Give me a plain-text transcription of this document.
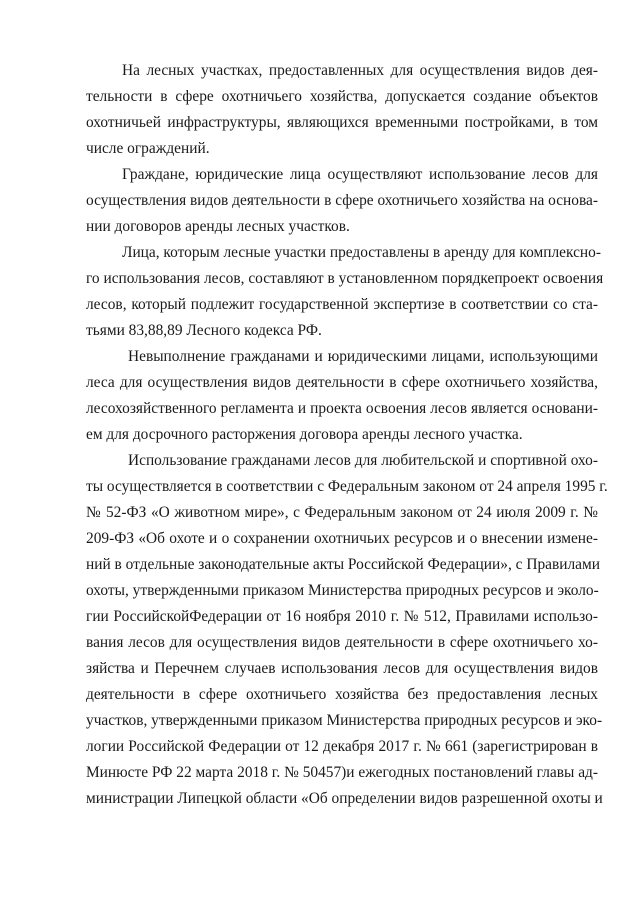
На лесных участках, предоставленных для осуществления видов дея-

тельности в сфере охотничьего хозяйства, допускается создание объектов

охотничьей инфраструктуры, являющихся временными постройками, в том

числе ограждений.

Граждане, юридические лица осуществляют использование лесов для

осуществления видов деятельности в сфере охотничьего хозяйства на основа-

нии договоров аренды лесных участков.

Лица, которым лесные участки предоставлены в аренду для комплексно-

го использования лесов, составляют в установленном порядкепроект освоения

лесов, который подлежит государственной экспертизе в соответствии со ста-

тьями 83,88,89 Лесного кодекса РФ.

Невыполнение гражданами и юридическими лицами, использующими

леса для осуществления видов деятельности в сфере охотничьего хозяйства,

лесохозяйственного регламента и проекта освоения лесов является основани-

ем для досрочного расторжения договора аренды лесного участка.

Использование гражданами лесов для любительской и спортивной охо-

ты осуществляется в соответствии с Федеральным законом от 24 апреля 1995 г.

№ 52-ФЗ «О животном мире», с Федеральным законом от 24 июля 2009 г. №

209-ФЗ «Об охоте и о сохранении охотничьих ресурсов и о внесении измене-

ний в отдельные законодательные акты Российской Федерации», с Правилами

охоты, утвержденными приказом Министерства природных ресурсов и эколо-

гии РоссийскойФедерации от 16 ноября 2010 г. № 512, Правилами использо-

вания лесов для осуществления видов деятельности в сфере охотничьего хо-

зяйства и Перечнем случаев использования лесов для осуществления видов

деятельности в сфере охотничьего хозяйства без предоставления лесных

участков, утвержденными приказом Министерства природных ресурсов и эко-

логии Российской Федерации от 12 декабря 2017 г. № 661 (зарегистрирован в

Минюсте РФ 22 марта 2018 г. № 50457)и ежегодных постановлений главы ад-

министрации Липецкой области «Об определении видов разрешенной охоты и
